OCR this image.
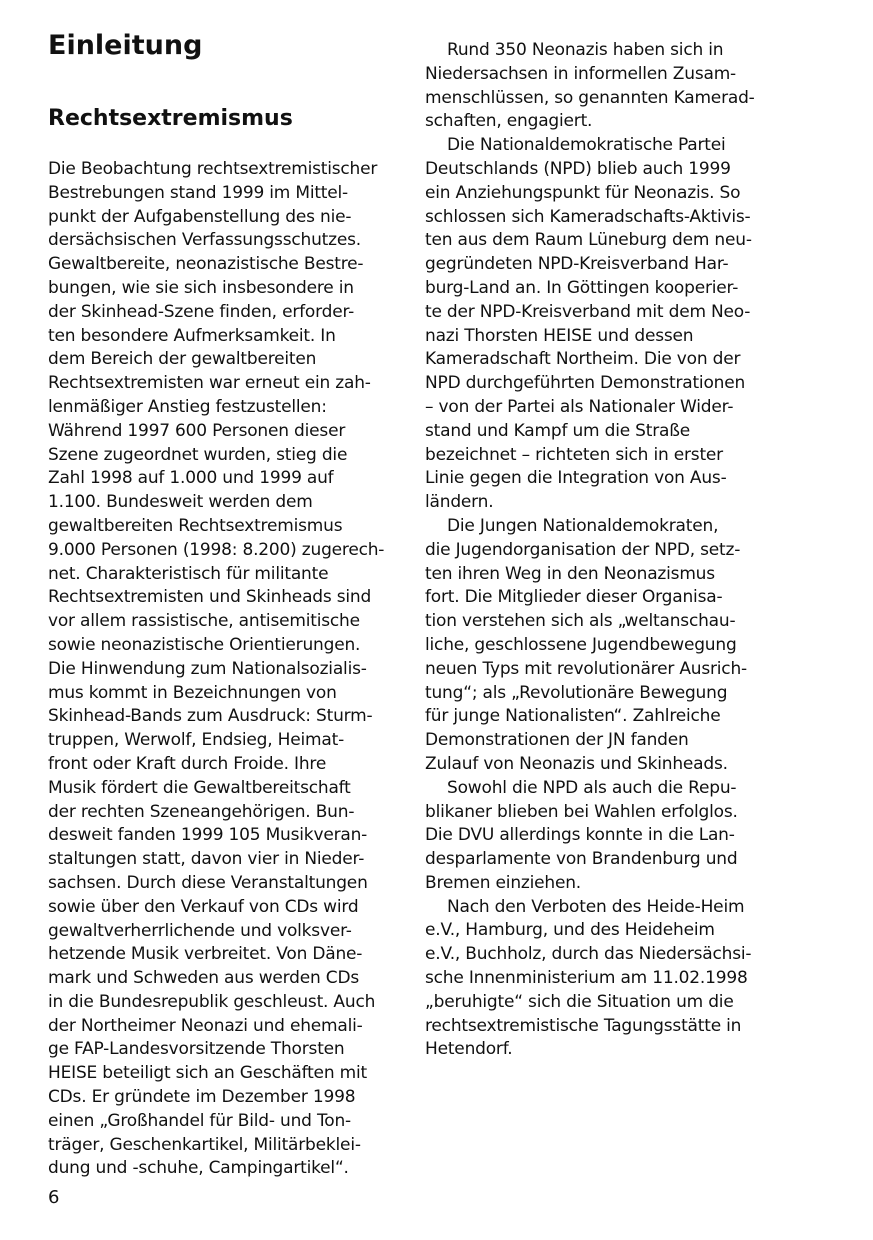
Einleitung
Rechtsextremismus
Die Beobachtung rechtsextremistischer
Bestrebungen stand 1999 im Mittel-
punkt der Aufgabenstellung des nie-
dersächsischen Verfassungsschutzes.
Gewaltbereite, neonazistische Bestre-
bungen, wie sie sich insbesondere in
der Skinhead-Szene finden, erforder-
ten besondere Aufmerksamkeit. In
dem Bereich der gewaltbereiten
Rechtsextremisten war erneut ein zah-
lenmäßiger Anstieg festzustellen:
Während 1997 600 Personen dieser
Szene zugeordnet wurden, stieg die
Zahl 1998 auf 1.000 und 1999 auf
1.100. Bundesweit werden dem
gewaltbereiten Rechtsextremismus
9.000 Personen (1998: 8.200) zugerech-
net. Charakteristisch für militante
Rechtsextremisten und Skinheads sind
vor allem rassistische, antisemitische
sowie neonazistische Orientierungen.
Die Hinwendung zum Nationalsozialis-
mus kommt in Bezeichnungen von
Skinhead-Bands zum Ausdruck: Sturm-
truppen, Werwolf, Endsieg, Heimat-
front oder Kraft durch Froide. Ihre
Musik fördert die Gewaltbereitschaft
der rechten Szeneangehörigen. Bun-
desweit fanden 1999 105 Musikveran-
staltungen statt, davon vier in Nieder-
sachsen. Durch diese Veranstaltungen
sowie über den Verkauf von CDs wird
gewaltverherrlichende und volksver-
hetzende Musik verbreitet. Von Däne-
mark und Schweden aus werden CDs
in die Bundesrepublik geschleust. Auch
der Northeimer Neonazi und ehemali-
ge FAP-Landesvorsitzende Thorsten
HEISE beteiligt sich an Geschäften mit
CDs. Er gründete im Dezember 1998
einen „Großhandel für Bild- und Ton-
träger, Geschenkartikel, Militärbeklei-
dung und -schuhe, Campingartikel“.
Rund 350 Neonazis haben sich in
Niedersachsen in informellen Zusam-
menschlüssen, so genannten Kamerad-
schaften, engagiert.
Die Nationaldemokratische Partei
Deutschlands (NPD) blieb auch 1999
ein Anziehungspunkt für Neonazis. So
schlossen sich Kameradschafts-Aktivis-
ten aus dem Raum Lüneburg dem neu-
gegründeten NPD-Kreisverband Har-
burg-Land an. In Göttingen kooperier-
te der NPD-Kreisverband mit dem Neo-
nazi Thorsten HEISE und dessen
Kameradschaft Northeim. Die von der
NPD durchgeführten Demonstrationen
– von der Partei als Nationaler Wider-
stand und Kampf um die Straße
bezeichnet – richteten sich in erster
Linie gegen die Integration von Aus-
ländern.
Die Jungen Nationaldemokraten,
die Jugendorganisation der NPD, setz-
ten ihren Weg in den Neonazismus
fort. Die Mitglieder dieser Organisa-
tion verstehen sich als „weltanschau-
liche, geschlossene Jugendbewegung
neuen Typs mit revolutionärer Ausrich-
tung“; als „Revolutionäre Bewegung
für junge Nationalisten“. Zahlreiche
Demonstrationen der JN fanden
Zulauf von Neonazis und Skinheads.
Sowohl die NPD als auch die Repu-
blikaner blieben bei Wahlen erfolglos.
Die DVU allerdings konnte in die Lan-
desparlamente von Brandenburg und
Bremen einziehen.
Nach den Verboten des Heide-Heim
e.V., Hamburg, und des Heideheim
e.V., Buchholz, durch das Niedersächsi-
sche Innenministerium am 11.02.1998
„beruhigte“ sich die Situation um die
rechtsextremistische Tagungsstätte in
Hetendorf.
6
